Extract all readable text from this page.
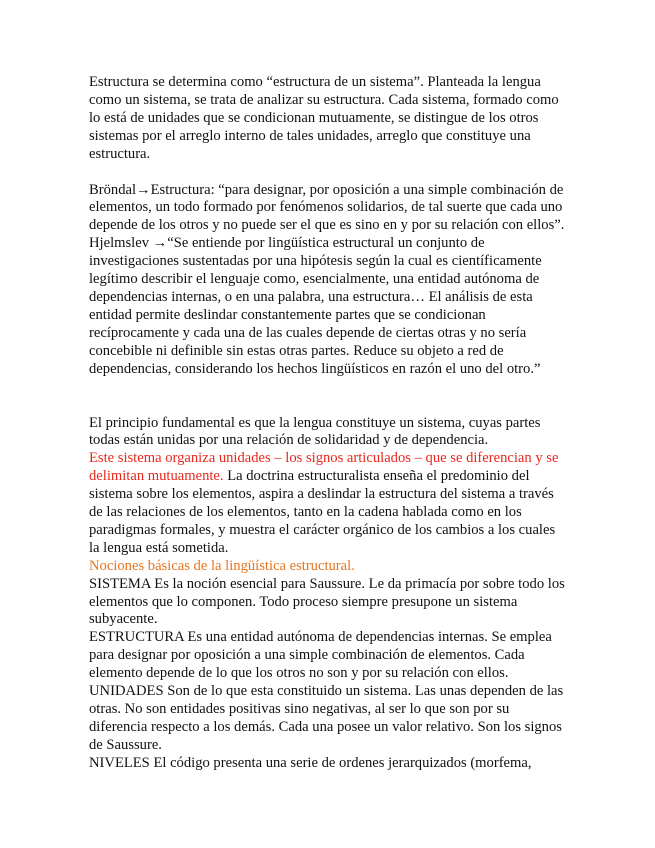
Estructura se determina como “estructura de un sistema”. Planteada la lengua como un sistema, se trata de analizar su estructura. Cada sistema, formado como lo está de unidades que se condicionan mutuamente, se distingue de los otros sistemas por el arreglo interno de tales unidades, arreglo que constituye una estructura.

Bröndal→Estructura: “para designar, por oposición a una simple combinación de elementos, un todo formado por fenómenos solidarios, de tal suerte que cada uno depende de los otros y no puede ser el que es sino en y por su relación con ellos”.

Hjelmslev →“Se entiende por lingüística estructural un conjunto de investigaciones sustentadas por una hipótesis según la cual es científicamente legítimo describir el lenguaje como, esencialmente, una entidad autónoma de dependencias internas, o en una palabra, una estructura… El análisis de esta entidad permite deslindar constantemente partes que se condicionan recíprocamente y cada una de las cuales depende de ciertas otras y no sería concebible ni definible sin estas otras partes. Reduce su objeto a red de dependencias, considerando los hechos lingüísticos en razón el uno del otro.”

El principio fundamental es que la lengua constituye un sistema, cuyas partes todas están unidas por una relación de solidaridad y de dependencia.

Este sistema organiza unidades – los signos articulados – que se diferencian y se delimitan mutuamente. La doctrina estructuralista enseña el predominio del sistema sobre los elementos, aspira a deslindar la estructura del sistema a través de las relaciones de los elementos, tanto en la cadena hablada como en los paradigmas formales, y muestra el carácter orgánico de los cambios a los cuales la lengua está sometida.

Nociones básicas de la lingüística estructural.

SISTEMA Es la noción esencial para Saussure. Le da primacía por sobre todo los elementos que lo componen. Todo proceso siempre presupone un sistema subyacente.

ESTRUCTURA Es una entidad autónoma de dependencias internas. Se emplea para designar por oposición a una simple combinación de elementos. Cada elemento depende de lo que los otros no son y por su relación con ellos.

UNIDADES Son de lo que esta constituido un sistema. Las unas dependen de las otras. No son entidades positivas sino negativas, al ser lo que son por su diferencia respecto a los demás. Cada una posee un valor relativo. Son los signos de Saussure.

NIVELES El código presenta una serie de ordenes jerarquizados (morfema,
